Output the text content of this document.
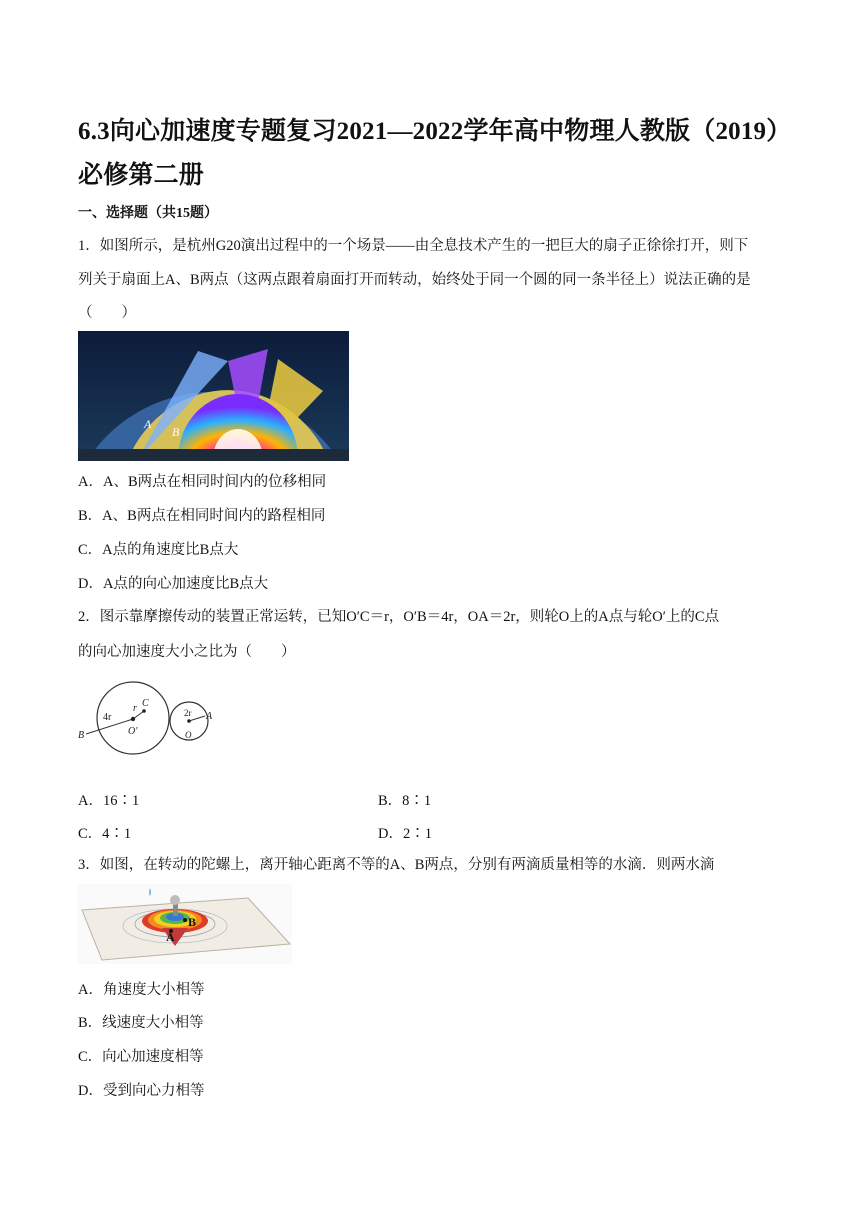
6.3向心加速度专题复习2021—2022学年高中物理人教版（2019）必修第二册
一、选择题（共15题）
1．如图所示，是杭州G20演出过程中的一个场景——由全息技术产生的一把巨大的扇子正徐徐打开，则下
列关于扇面上A、B两点（这两点跟着扇面打开而转动，始终处于同一个圆的同一条半径上）说法正确的是
（　　）
A
B
A．A、B两点在相同时间内的位移相同
B．A、B两点在相同时间内的路程相同
C．A点的角速度比B点大
D．A点的向心加速度比B点大
2．图示靠摩擦传动的装置正常运转，已知O′C＝r，O′B＝4r，OA＝2r，则轮O上的A点与轮O′上的C点
的向心加速度大小之比为（　　）
4r
r C
O′
B
2r A
O
A．16∶1	B．8∶1
C．4∶1	D．2∶1
3．如图，在转动的陀螺上，离开轴心距离不等的A、B两点，分别有两滴质量相等的水滴．则两水滴
A
B
A．角速度大小相等
B．线速度大小相等
C．向心加速度相等
D．受到向心力相等
